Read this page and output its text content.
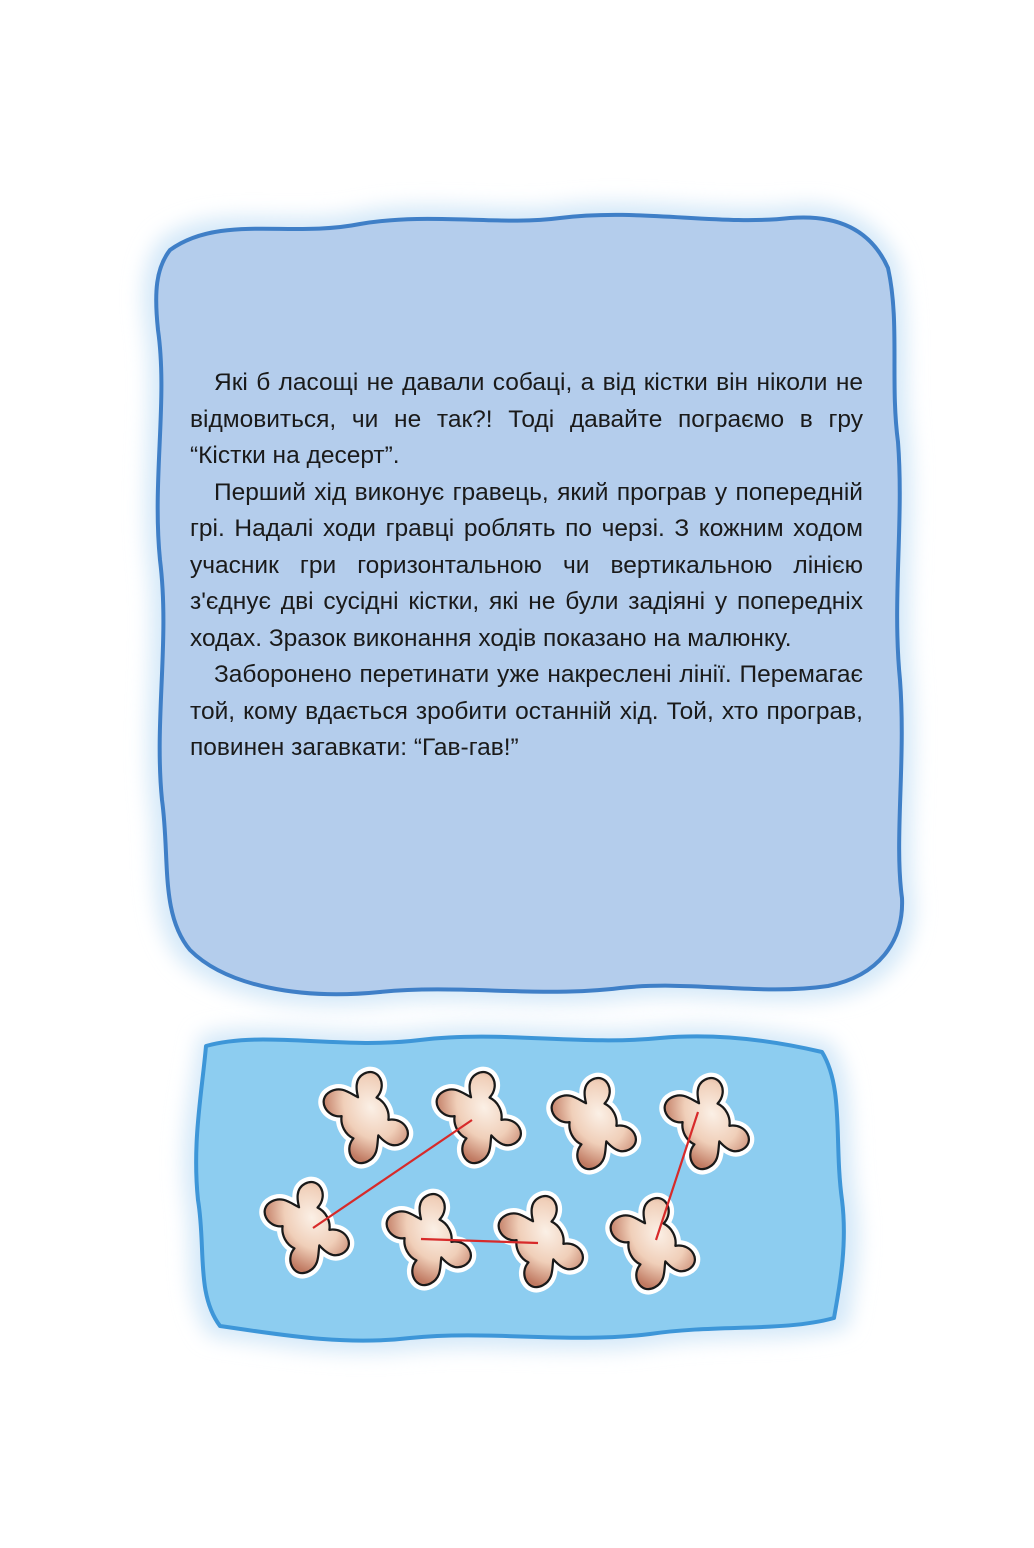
Які б ласощі не давали собаці, а від кістки він ніколи не відмовиться, чи не так?! Тоді давайте пограємо в гру “Кістки на десерт”.

Перший хід виконує гравець, який програв у попередній грі. Надалі ходи гравці роблять по черзі. З кожним ходом учасник гри горизонтальною чи вертикальною лінією з'єднує дві сусідні кістки, які не були задіяні у попередніх ходах. Зразок виконання ходів показано на малюнку.

Заборонено перетинати уже накреслені лінії. Перемагає той, кому вдається зробити останній хід. Той, хто програв, повинен загавкати: “Гав-гав!”
